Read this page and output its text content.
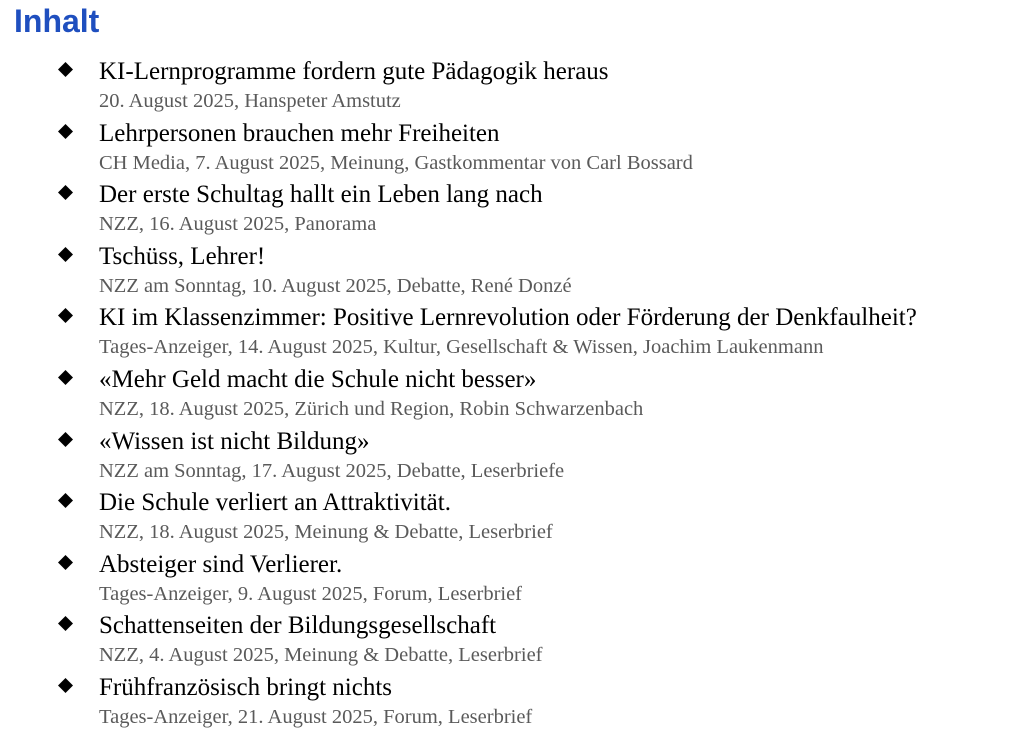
Inhalt
KI-Lernprogramme fordern gute Pädagogik heraus
20. August 2025, Hanspeter Amstutz
Lehrpersonen brauchen mehr Freiheiten
CH Media, 7. August 2025, Meinung, Gastkommentar von Carl Bossard
Der erste Schultag hallt ein Leben lang nach
NZZ, 16. August 2025, Panorama
Tschüss, Lehrer!
NZZ am Sonntag, 10. August 2025, Debatte, René Donzé
KI im Klassenzimmer: Positive Lernrevolution oder Förderung der Denkfaulheit?
Tages-Anzeiger, 14. August 2025, Kultur, Gesellschaft & Wissen, Joachim Laukenmann
«Mehr Geld macht die Schule nicht besser»
NZZ, 18. August 2025, Zürich und Region, Robin Schwarzenbach
«Wissen ist nicht Bildung»
NZZ am Sonntag, 17. August 2025, Debatte, Leserbriefe
Die Schule verliert an Attraktivität.
NZZ, 18. August 2025, Meinung & Debatte, Leserbrief
Absteiger sind Verlierer.
Tages-Anzeiger, 9. August 2025, Forum, Leserbrief
Schattenseiten der Bildungsgesellschaft
NZZ, 4. August 2025, Meinung & Debatte, Leserbrief
Frühfranzösisch bringt nichts
Tages-Anzeiger, 21. August 2025, Forum, Leserbrief
